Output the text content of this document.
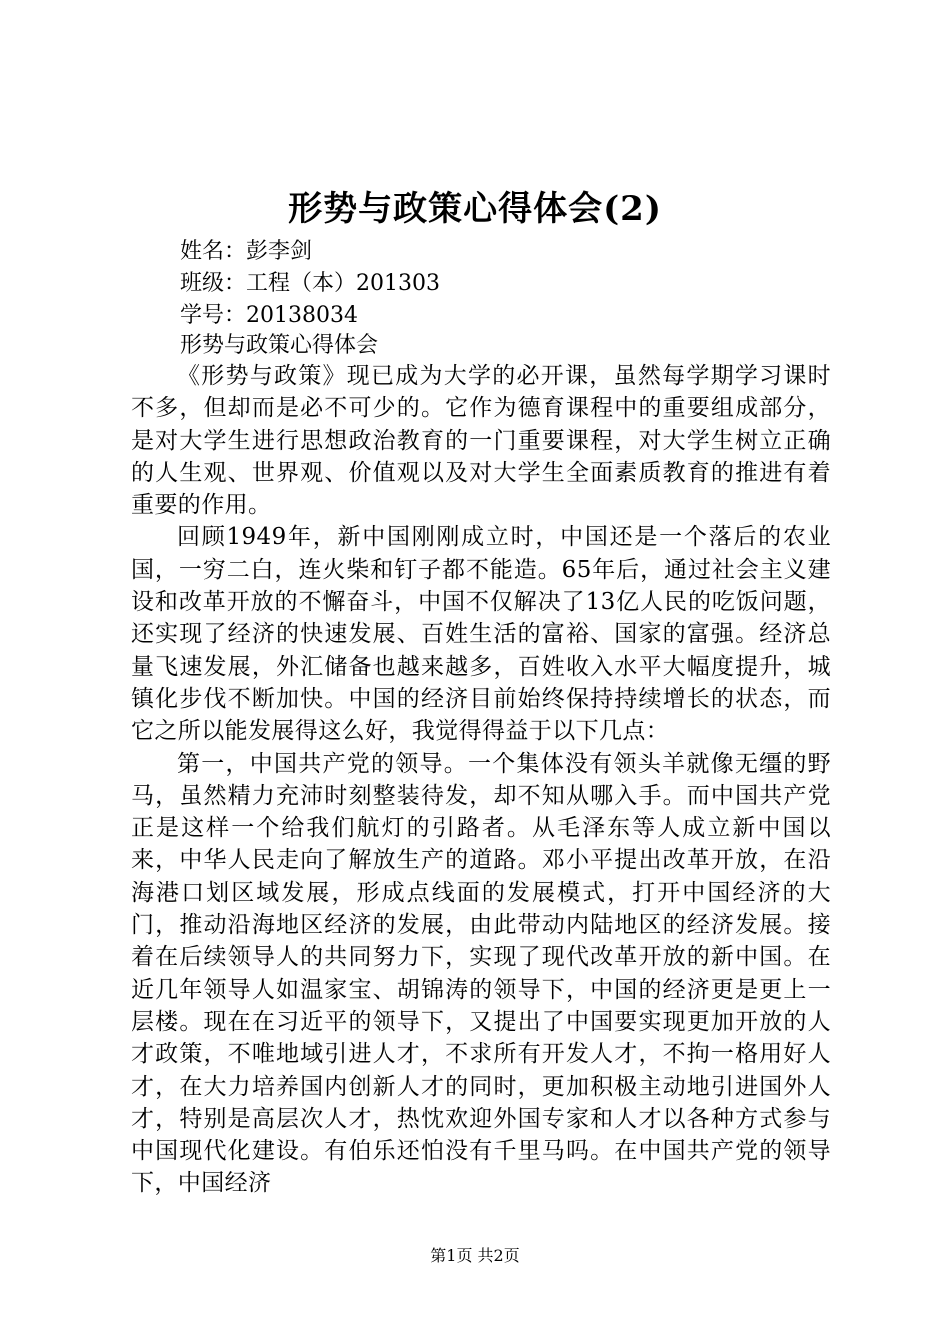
形势与政策心得体会(2)
姓名：彭李剑
班级：工程（本）201303
学号：20138034
形势与政策心得体会

《形势与政策》现已成为大学的必开课，虽然每学期学习课时不多，但却而是必不可少的。它作为德育课程中的重要组成部分，是对大学生进行思想政治教育的一门重要课程，对大学生树立正确的人生观、世界观、价值观以及对大学生全面素质教育的推进有着重要的作用。

回顾1949年，新中国刚刚成立时，中国还是一个落后的农业国，一穷二白，连火柴和钉子都不能造。65年后，通过社会主义建设和改革开放的不懈奋斗，中国不仅解决了13亿人民的吃饭问题，还实现了经济的快速发展、百姓生活的富裕、国家的富强。经济总量飞速发展，外汇储备也越来越多，百姓收入水平大幅度提升，城镇化步伐不断加快。中国的经济目前始终保持持续增长的状态，而它之所以能发展得这么好，我觉得得益于以下几点：

第一，中国共产党的领导。一个集体没有领头羊就像无缰的野马，虽然精力充沛时刻整装待发，却不知从哪入手。而中国共产党正是这样一个给我们航灯的引路者。从毛泽东等人成立新中国以来，中华人民走向了解放生产的道路。邓小平提出改革开放，在沿海港口划区域发展，形成点线面的发展模式，打开中国经济的大门，推动沿海地区经济的发展，由此带动内陆地区的经济发展。接着在后续领导人的共同努力下，实现了现代改革开放的新中国。在近几年领导人如温家宝、胡锦涛的领导下，中国的经济更是更上一层楼。现在在习近平的领导下，又提出了中国要实现更加开放的人才政策，不唯地域引进人才，不求所有开发人才，不拘一格用好人才，在大力培养国内创新人才的同时，更加积极主动地引进国外人才，特别是高层次人才，热忱欢迎外国专家和人才以各种方式参与中国现代化建设。有伯乐还怕没有千里马吗。在中国共产党的领导下，中国经济

第1页 共2页
